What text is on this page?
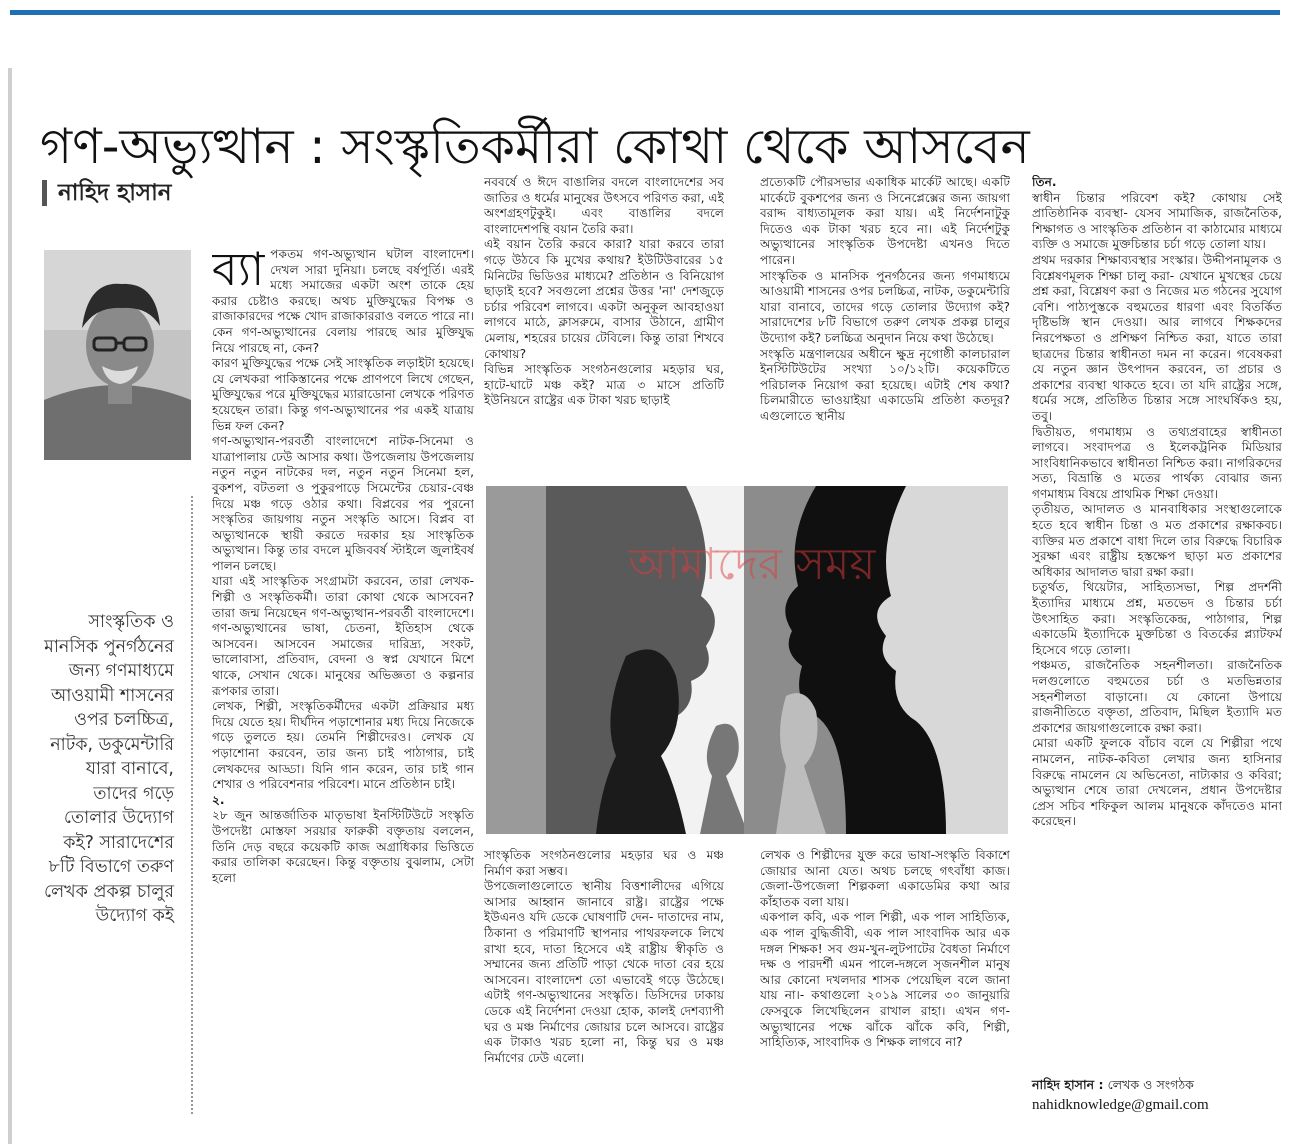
গণ-অভ্যুত্থান : সংস্কৃতিকর্মীরা কোথা থেকে আসবেন
নাহিদ হাসান
সাংস্কৃতিক ও মানসিক পুনর্গঠনের জন্য গণমাধ্যমে আওয়ামী শাসনের ওপর চলচ্চিত্র, নাটক, ডকুমেন্টারি যারা বানাবে, তাদের গড়ে তোলার উদ্যোগ কই? সারাদেশের ৮টি বিভাগে তরুণ লেখক প্রকল্প চালুর উদ্যোগ কই

ব্যা পকতম গণ-অভ্যুত্থান ঘটাল বাংলাদেশ। দেখল সারা দুনিয়া। চলছে বর্ষপূর্তি। এরই মধ্যে সমাজের একটা অংশ তাকে হেয় করার চেষ্টাও করছে। অথচ মুক্তিযুদ্ধের বিপক্ষ ও রাজাকারদের পক্ষে খোদ রাজাকাররাও বলতে পারে না। কেন গণ-অভ্যুত্থানের বেলায় পারছে আর মুক্তিযুদ্ধ নিয়ে পারছে না, কেন?

কারণ মুক্তিযুদ্ধের পক্ষে সেই সাংস্কৃতিক লড়াইটা হয়েছে। যে লেখকরা পাকিস্তানের পক্ষে প্রাণপণে লিখে গেছেন, মুক্তিযুদ্ধের পরে মুক্তিযুদ্ধের ম্যারাডোনা লেখকে পরিণত হয়েছেন তারা। কিন্তু গণ-অভ্যুত্থানের পর একই যাত্রায় ভিন্ন ফল কেন?

গণ-অভ্যুত্থান-পরবর্তী বাংলাদেশে নাটক-সিনেমা ও যাত্রাপালায় ঢেউ আসার কথা। উপজেলায় উপজেলায় নতুন নতুন নাটকের দল, নতুন নতুন সিনেমা হল, বুকশপ, বটতলা ও পুকুরপাড়ে সিমেন্টের চেয়ার-বেঞ্চ দিয়ে মঞ্চ গড়ে ওঠার কথা। বিপ্লবের পর পুরনো সংস্কৃতির জায়গায় নতুন সংস্কৃতি আসে। বিপ্লব বা অভ্যুত্থানকে স্থায়ী করতে দরকার হয় সাংস্কৃতিক অভ্যুত্থান। কিন্তু তার বদলে মুজিববর্ষ স্টাইলে জুলাইবর্ষ পালন চলছে।

যারা এই সাংস্কৃতিক সংগ্রামটা করবেন, তারা লেখক-শিল্পী ও সংস্কৃতিকর্মী। তারা কোথা থেকে আসবেন? তারা জন্ম নিয়েছেন গণ-অভ্যুত্থান-পরবর্তী বাংলাদেশে। গণ-অভ্যুত্থানের ভাষা, চেতনা, ইতিহাস থেকে আসবেন। আসবেন সমাজের দারিদ্র্য, সংকট, ভালোবাসা, প্রতিবাদ, বেদনা ও স্বপ্ন যেখানে মিশে থাকে, সেখান থেকে। মানুষের অভিজ্ঞতা ও কল্পনার রূপকার তারা।

লেখক, শিল্পী, সংস্কৃতিকর্মীদের একটা প্রক্রিয়ার মধ্য দিয়ে যেতে হয়। দীর্ঘদিন পড়াশোনার মধ্য দিয়ে নিজেকে গড়ে তুলতে হয়। তেমনি শিল্পীদেরও। লেখক যে পড়াশোনা করবেন, তার জন্য চাই পাঠাগার, চাই লেখকদের আড্ডা। যিনি গান করেন, তার চাই গান শেখার ও পরিবেশনার পরিবেশ। মানে প্রতিষ্ঠান চাই।

২.

২৮ জুন আন্তর্জাতিক মাতৃভাষা ইনস্টিটিউটে সংস্কৃতি উপদেষ্টা মোস্তফা সরয়ার ফারুকী বক্তৃতায় বললেন, তিনি দেড় বছরে কয়েকটি কাজ অগ্রাধিকার ভিত্তিতে করার তালিকা করেছেন। কিন্তু বক্তৃতায় বুঝলাম, সেটা হলো

নববর্ষে ও ঈদে বাঙালির বদলে বাংলাদেশের সব জাতির ও ধর্মের মানুষের উৎসবে পরিণত করা, এই অংশগ্রহণটুকুই। এবং বাঙালির বদলে বাংলাদেশপন্থি বয়ান তৈরি করা।

এই বয়ান তৈরি করবে কারা? যারা করবে তারা গড়ে উঠবে কি মুখের কথায়? ইউটিউবারের ১৫ মিনিটের ভিডিওর মাধ্যমে? প্রতিষ্ঠান ও বিনিয়োগ ছাড়াই হবে? সবগুলো প্রশ্নের উত্তর 'না' দেশজুড়ে চর্চার পরিবেশ লাগবে। একটা অনুকূল আবহাওয়া লাগবে মাঠে, ক্লাসরুমে, বাসার উঠানে, গ্রামীণ মেলায়, শহরের চায়ের টেবিলে। কিন্তু তারা শিখবে কোথায়?

বিভিন্ন সাংস্কৃতিক সংগঠনগুলোর মহড়ার ঘর, হাটে-ঘাটে মঞ্চ কই? মাত্র ৩ মাসে প্রতিটি ইউনিয়নে রাষ্ট্রের এক টাকা খরচ ছাড়াই

প্রত্যেকটি পৌরসভার একাধিক মার্কেট আছে। একটি মার্কেটে বুকশপের জন্য ও সিনেপ্লেক্সের জন্য জায়গা বরাদ্দ বাধ্যতামূলক করা যায়। এই নির্দেশনাটুকু দিতেও এক টাকা খরচ হবে না। এই নির্দেশটুকু অভ্যুত্থানের সাংস্কৃতিক উপদেষ্টা এখনও দিতে পারেন।

সাংস্কৃতিক ও মানসিক পুনর্গঠনের জন্য গণমাধ্যমে আওয়ামী শাসনের ওপর চলচ্চিত্র, নাটক, ডকুমেন্টারি যারা বানাবে, তাদের গড়ে তোলার উদ্যোগ কই? সারাদেশের ৮টি বিভাগে তরুণ লেখক প্রকল্প চালুর উদ্যোগ কই? চলচ্চিত্র অনুদান নিয়ে কথা উঠেছে।

সংস্কৃতি মন্ত্রণালয়ের অধীনে ক্ষুদ্র নৃগোষ্ঠী কালচারাল ইনস্টিটিউটের সংখ্যা ১০/১২টি। কয়েকটিতে পরিচালক নিয়োগ করা হয়েছে। এটাই শেষ কথা? চিলমারীতে ভাওয়াইয়া একাডেমি প্রতিষ্ঠা কতদূর? এগুলোতে স্থানীয়

আমাদের সময়

সাংস্কৃতিক সংগঠনগুলোর মহড়ার ঘর ও মঞ্চ নির্মাণ করা সম্ভব।

উপজেলাগুলোতে স্থানীয় বিত্তশালীদের এগিয়ে আসার আহ্বান জানাবে রাষ্ট্র। রাষ্ট্রের পক্ষে ইউএনও যদি ডেকে ঘোষণাটি দেন- দাতাদের নাম, ঠিকানা ও পরিমাণটি স্থাপনার পাথরফলকে লিখে রাখা হবে, দাতা হিসেবে এই রাষ্ট্রীয় স্বীকৃতি ও সম্মানের জন্য প্রতিটি পাড়া থেকে দাতা বের হয়ে আসবেন। বাংলাদেশ তো এভাবেই গড়ে উঠেছে। এটাই গণ-অভ্যুত্থানের সংস্কৃতি। ডিসিদের ঢাকায় ডেকে এই নির্দেশনা দেওয়া হোক, কালই দেশব্যাপী ঘর ও মঞ্চ নির্মাণের জোয়ার চলে আসবে। রাষ্ট্রের এক টাকাও খরচ হলো না, কিন্তু ঘর ও মঞ্চ নির্মাণের ঢেউ এলো।

লেখক ও শিল্পীদের যুক্ত করে ভাষা-সংস্কৃতি বিকাশে জোয়ার আনা যেত। অথচ চলছে গৎবাঁধা কাজ। জেলা-উপজেলা শিল্পকলা একাডেমির কথা আর কাঁহাতক বলা যায়।

একপাল কবি, এক পাল শিল্পী, এক পাল সাহিত্যিক, এক পাল বুদ্ধিজীবী, এক পাল সাংবাদিক আর এক দঙ্গল শিক্ষক! সব গুম-খুন-লুটপাটের বৈধতা নির্মাণে দক্ষ ও পারদর্শী এমন পালে-দঙ্গলে সৃজনশীল মানুষ আর কোনো দখলদার শাসক পেয়েছিল বলে জানা যায় না।- কথাগুলো ২০১৯ সালের ৩০ জানুয়ারি ফেসবুকে লিখেছিলেন রাখাল রাহা। এখন গণ-অভ্যুত্থানের পক্ষে ঝাঁকে ঝাঁকে কবি, শিল্পী, সাহিত্যিক, সাংবাদিক ও শিক্ষক লাগবে না?

তিন.

স্বাধীন চিন্তার পরিবেশ কই? কোথায় সেই প্রাতিষ্ঠানিক ব্যবস্থা- যেসব সামাজিক, রাজনৈতিক, শিক্ষাগত ও সাংস্কৃতিক প্রতিষ্ঠান বা কাঠামোর মাধ্যমে ব্যক্তি ও সমাজে মুক্তচিন্তার চর্চা গড়ে তোলা যায়।

প্রথম দরকার শিক্ষাব্যবস্থার সংস্কার। উদ্দীপনামূলক ও বিশ্লেষণমূলক শিক্ষা চালু করা- যেখানে মুখস্থের চেয়ে প্রশ্ন করা, বিশ্লেষণ করা ও নিজের মত গঠনের সুযোগ বেশি। পাঠ্যপুস্তকে বহুমতের ধারণা এবং বিতর্কিত দৃষ্টিভঙ্গি স্থান দেওয়া। আর লাগবে শিক্ষকদের নিরপেক্ষতা ও প্রশিক্ষণ নিশ্চিত করা, যাতে তারা ছাত্রদের চিন্তার স্বাধীনতা দমন না করেন। গবেষকরা যে নতুন জ্ঞান উৎপাদন করবেন, তা প্রচার ও প্রকাশের ব্যবস্থা থাকতে হবে। তা যদি রাষ্ট্রের সঙ্গে, ধর্মের সঙ্গে, প্রতিষ্ঠিত চিন্তার সঙ্গে সাংঘর্ষিকও হয়, তবু।

দ্বিতীয়ত, গণমাধ্যম ও তথ্যপ্রবাহের স্বাধীনতা লাগবে। সংবাদপত্র ও ইলেকট্রনিক মিডিয়ার সাংবিধানিকভাবে স্বাধীনতা নিশ্চিত করা। নাগরিকদের সত্য, বিভ্রান্তি ও মতের পার্থক্য বোঝার জন্য গণমাধ্যম বিষয়ে প্রাথমিক শিক্ষা দেওয়া।

তৃতীয়ত, আদালত ও মানবাধিকার সংস্থাগুলোকে হতে হবে স্বাধীন চিন্তা ও মত প্রকাশের রক্ষাকবচ। ব্যক্তির মত প্রকাশে বাধা দিলে তার বিরুদ্ধে বিচারিক সুরক্ষা এবং রাষ্ট্রীয় হস্তক্ষেপ ছাড়া মত প্রকাশের অধিকার আদালত দ্বারা রক্ষা করা।

চতুর্থত, থিয়েটার, সাহিত্যসভা, শিল্প প্রদর্শনী ইত্যাদির মাধ্যমে প্রশ্ন, মতভেদ ও চিন্তার চর্চা উৎসাহিত করা। সংস্কৃতিকেন্দ্র, পাঠাগার, শিল্প একাডেমি ইত্যাদিকে মুক্তচিন্তা ও বিতর্কের প্ল্যাটফর্ম হিসেবে গড়ে তোলা।

পঞ্চমত, রাজনৈতিক সহনশীলতা। রাজনৈতিক দলগুলোতে বহুমতের চর্চা ও মতভিন্নতার সহনশীলতা বাড়ানো। যে কোনো উপায়ে রাজনীতিতে বক্তৃতা, প্রতিবাদ, মিছিল ইত্যাদি মত প্রকাশের জায়গাগুলোকে রক্ষা করা।

মোরা একটি ফুলকে বাঁচাব বলে যে শিল্পীরা পথে নামলেন, নাটক-কবিতা লেখার জন্য হাসিনার বিরুদ্ধে নামলেন যে অভিনেতা, নাট্যকার ও কবিরা; অভ্যুত্থান শেষে তারা দেখলেন, প্রধান উপদেষ্টার প্রেস সচিব শফিকুল আলম মানুষকে কাঁদতেও মানা করেছেন।

নাহিদ হাসান : লেখক ও সংগঠক
nahidknowledge@gmail.com
